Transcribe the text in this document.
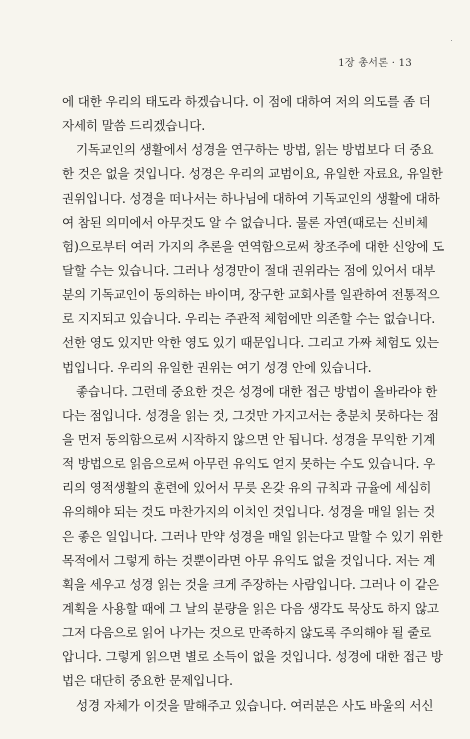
1장 총서론 · 13
에 대한 우리의 태도라 하겠습니다. 이 점에 대하여 저의 의도를 좀 더
자세히 말씀 드리겠습니다.
기독교인의 생활에서 성경을 연구하는 방법, 읽는 방법보다 더 중요
한 것은 없을 것입니다. 성경은 우리의 교범이요, 유일한 자료요, 유일한
권위입니다. 성경을 떠나서는 하나님에 대하여 기독교인의 생활에 대하
여 참된 의미에서 아무것도 알 수 없습니다. 물론 자연(때로는 신비체
험)으로부터 여러 가지의 추론을 연역함으로써 창조주에 대한 신앙에 도
달할 수는 있습니다. 그러나 성경만이 절대 권위라는 점에 있어서 대부
분의 기독교인이 동의하는 바이며, 장구한 교회사를 일관하여 전통적으
로 지지되고 있습니다. 우리는 주관적 체험에만 의존할 수는 없습니다.
선한 영도 있지만 악한 영도 있기 때문입니다. 그리고 가짜 체험도 있는
법입니다. 우리의 유일한 권위는 여기 성경 안에 있습니다.
좋습니다. 그런데 중요한 것은 성경에 대한 접근 방법이 올바라야 한
다는 점입니다. 성경을 읽는 것, 그것만 가지고서는 충분치 못하다는 점
을 먼저 동의함으로써 시작하지 않으면 안 됩니다. 성경을 무익한 기계
적 방법으로 읽음으로써 아무런 유익도 얻지 못하는 수도 있습니다. 우
리의 영적생활의 훈련에 있어서 무릇 온갖 유의 규칙과 규율에 세심히
유의해야 되는 것도 마찬가지의 이치인 것입니다. 성경을 매일 읽는 것
은 좋은 일입니다. 그러나 만약 성경을 매일 읽는다고 말할 수 있기 위한
목적에서 그렇게 하는 것뿐이라면 아무 유익도 없을 것입니다. 저는 계
획을 세우고 성경 읽는 것을 크게 주장하는 사람입니다. 그러나 이 같은
계획을 사용할 때에 그 날의 분량을 읽은 다음 생각도 묵상도 하지 않고
그저 다음으로 읽어 나가는 것으로 만족하지 않도록 주의해야 될 줄로
압니다. 그렇게 읽으면 별로 소득이 없을 것입니다. 성경에 대한 접근 방
법은 대단히 중요한 문제입니다.
성경 자체가 이것을 말해주고 있습니다. 여러분은 사도 바울의 서신
